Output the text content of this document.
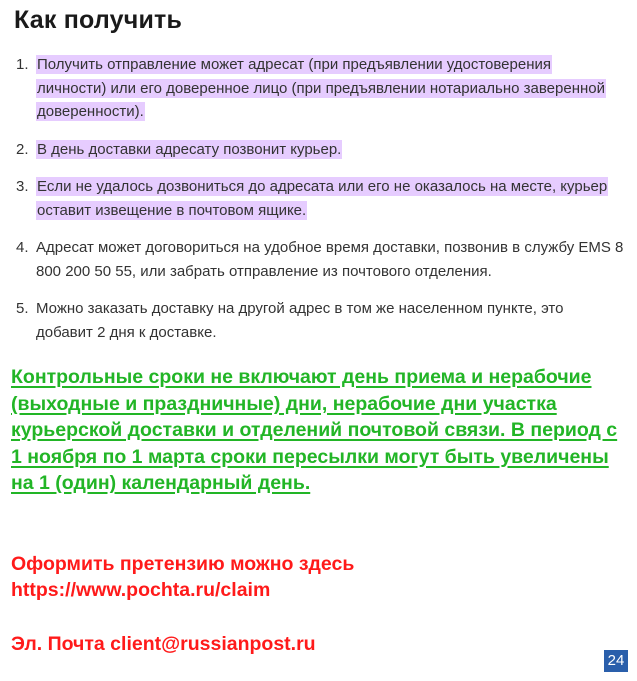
Как получить
1. Получить отправление может адресат (при предъявлении удостоверения личности) или его доверенное лицо (при предъявлении нотариально заверенной доверенности).
2. В день доставки адресату позвонит курьер.
3. Если не удалось дозвониться до адресата или его не оказалось на месте, курьер оставит извещение в почтовом ящике.
4. Адресат может договориться на удобное время доставки, позвонив в службу EMS 8 800 200 50 55, или забрать отправление из почтового отделения.
5. Можно заказать доставку на другой адрес в том же населенном пункте, это добавит 2 дня к доставке.

Контрольные сроки не включают день приема и нерабочие (выходные и праздничные) дни, нерабочие дни участка курьерской доставки и отделений почтовой связи. В период с 1 ноября по 1 марта сроки пересылки могут быть увеличены на 1 (один) календарный день.

Оформить претензию можно здесь
https://www.pochta.ru/claim
Эл. Почта client@russianpost.ru
24
